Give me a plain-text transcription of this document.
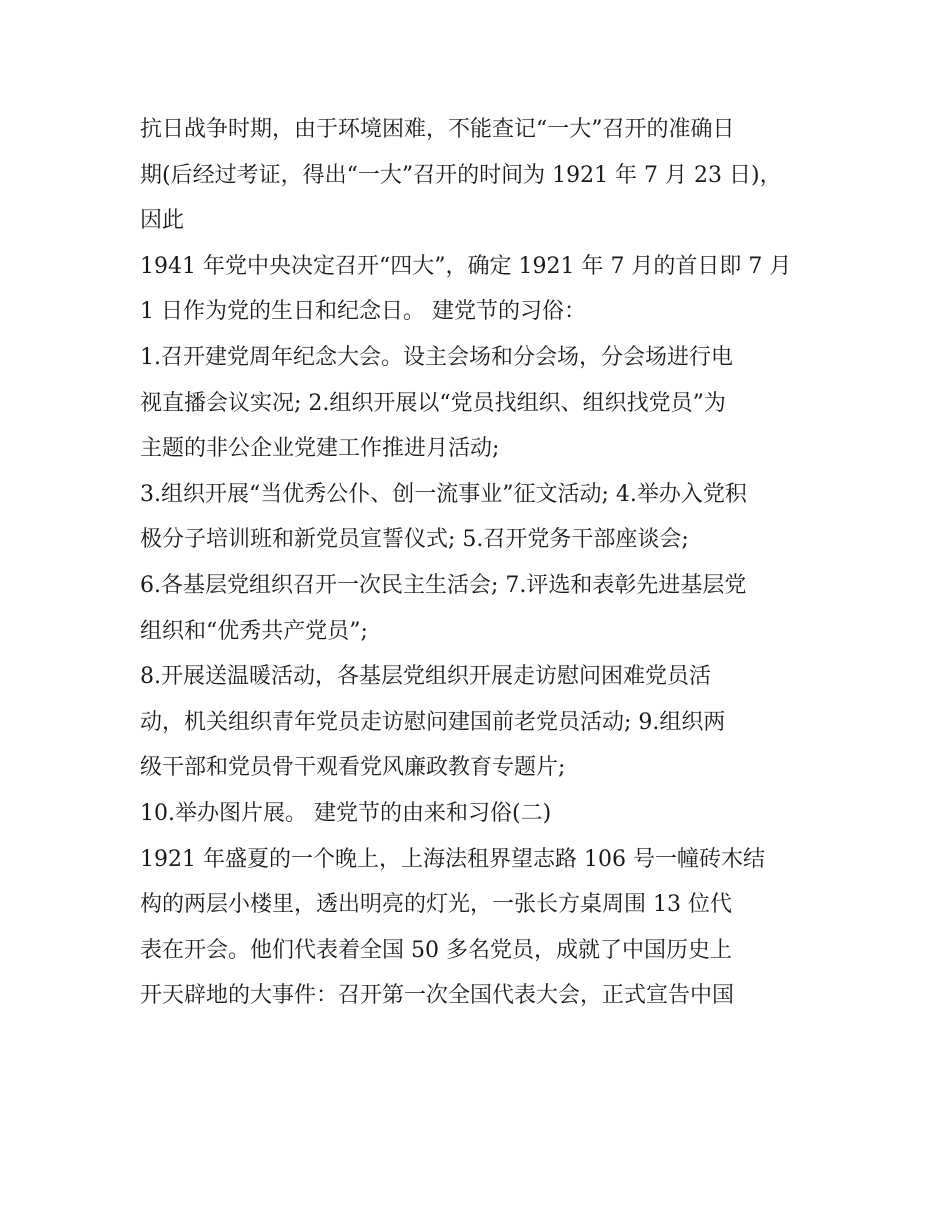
抗日战争时期，由于环境困难，不能查记“一大”召开的准确日
期(后经过考证，得出“一大”召开的时间为 1921 年 7 月 23 日)，
因此
1941 年党中央决定召开“四大”，确定 1921 年 7 月的首日即 7 月
1 日作为党的生日和纪念日。 建党节的习俗：
1.召开建党周年纪念大会。设主会场和分会场，分会场进行电
视直播会议实况; 2.组织开展以“党员找组织、组织找党员”为
主题的非公企业党建工作推进月活动;
3.组织开展“当优秀公仆、创一流事业”征文活动; 4.举办入党积
极分子培训班和新党员宣誓仪式; 5.召开党务干部座谈会;
6.各基层党组织召开一次民主生活会; 7.评选和表彰先进基层党
组织和“优秀共产党员”;
8.开展送温暖活动，各基层党组织开展走访慰问困难党员活
动，机关组织青年党员走访慰问建国前老党员活动; 9.组织两
级干部和党员骨干观看党风廉政教育专题片;
10.举办图片展。 建党节的由来和习俗(二)
1921 年盛夏的一个晚上，上海法租界望志路 106 号一幢砖木结
构的两层小楼里，透出明亮的灯光，一张长方桌周围 13 位代
表在开会。他们代表着全国 50 多名党员，成就了中国历史上
开天辟地的大事件：召开第一次全国代表大会，正式宣告中国
